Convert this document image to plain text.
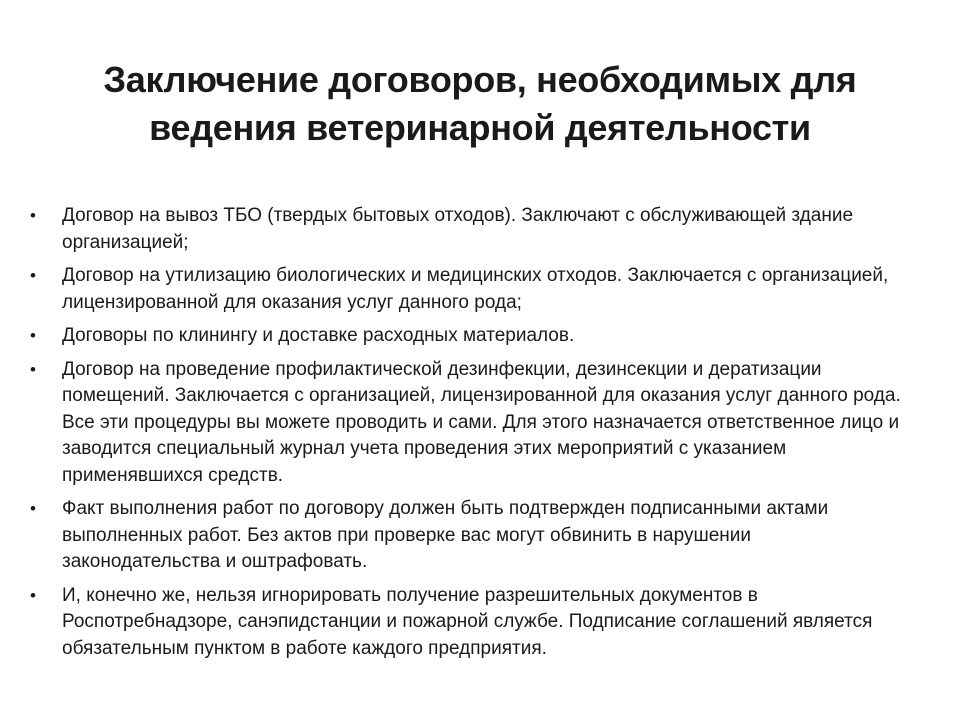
Заключение договоров, необходимых для
ведения ветеринарной деятельности
• Договор на вывоз ТБО (твердых бытовых отходов). Заключают с обслуживающей здание организацией;
• Договор на утилизацию биологических и медицинских отходов. Заключается с организацией, лицензированной для оказания услуг данного рода;
• Договоры по клинингу и доставке расходных материалов.
• Договор на проведение профилактической дезинфекции, дезинсекции и дератизации помещений. Заключается с организацией, лицензированной для оказания услуг данного рода. Все эти процедуры вы можете проводить и сами. Для этого назначается ответственное лицо и заводится специальный журнал учета проведения этих мероприятий с указанием применявшихся средств.
• Факт выполнения работ по договору должен быть подтвержден подписанными актами выполненных работ. Без актов при проверке вас могут обвинить в нарушении законодательства и оштрафовать.
• И, конечно же, нельзя игнорировать получение разрешительных документов в Роспотребнадзоре, санэпидстанции и пожарной службе. Подписание соглашений является обязательным пунктом в работе каждого предприятия.
